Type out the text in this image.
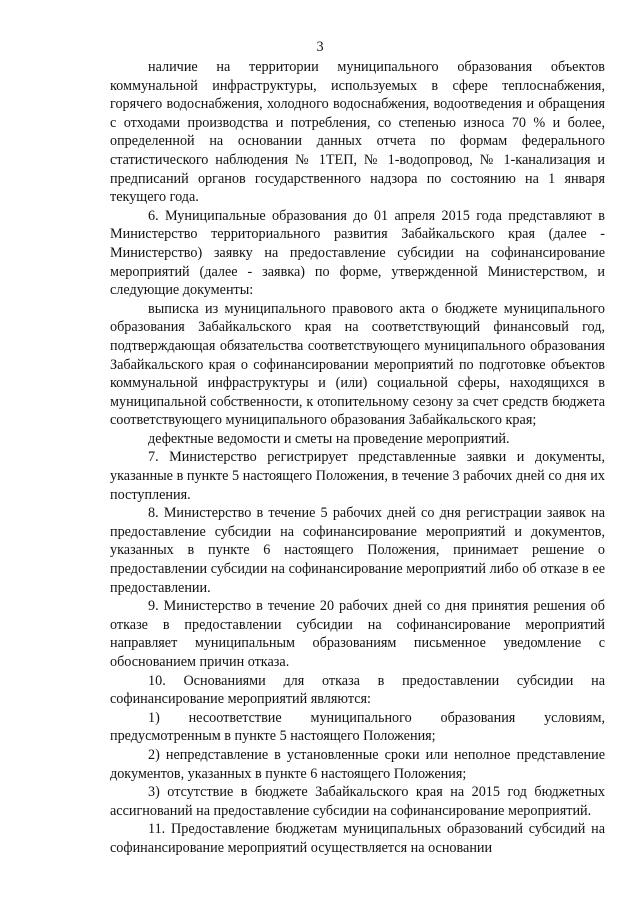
3

наличие на территории муниципального образования объектов коммунальной инфраструктуры, используемых в сфере теплоснабжения, горячего водоснабжения, холодного водоснабжения, водоотведения и обращения с отходами производства и потребления, со степенью износа 70 % и более, определенной на основании данных отчета по формам федерального статистического наблюдения № 1ТЕП, № 1-водопровод, № 1-канализация и предписаний органов государственного надзора по состоянию на 1 января текущего года.

6. Муниципальные образования до 01 апреля 2015 года представляют в Министерство территориального развития Забайкальского края (далее - Министерство) заявку на предоставление субсидии на софинансирование мероприятий (далее - заявка) по форме, утвержденной Министерством, и следующие документы:

выписка из муниципального правового акта о бюджете муниципального образования Забайкальского края на соответствующий финансовый год, подтверждающая обязательства соответствующего муниципального образования Забайкальского края о софинансировании мероприятий по подготовке объектов коммунальной инфраструктуры и (или) социальной сферы, находящихся в муниципальной собственности, к отопительному сезону за счет средств бюджета соответствующего муниципального образования Забайкальского края;

дефектные ведомости и сметы на проведение мероприятий.

7. Министерство регистрирует представленные заявки и документы, указанные в пункте 5 настоящего Положения, в течение 3 рабочих дней со дня их поступления.

8. Министерство в течение 5 рабочих дней со дня регистрации заявок на предоставление субсидии на софинансирование мероприятий и документов, указанных в пункте 6 настоящего Положения, принимает решение о предоставлении субсидии на софинансирование мероприятий либо об отказе в ее предоставлении.

9. Министерство в течение 20 рабочих дней со дня принятия решения об отказе в предоставлении субсидии на софинансирование мероприятий направляет муниципальным образованиям письменное уведомление с обоснованием причин отказа.

10. Основаниями для отказа в предоставлении субсидии на софинансирование мероприятий являются:

1) несоответствие муниципального образования условиям, предусмотренным в пункте 5 настоящего Положения;

2) непредставление в установленные сроки или неполное представление документов, указанных в пункте 6 настоящего Положения;

3) отсутствие в бюджете Забайкальского края на 2015 год бюджетных ассигнований на предоставление субсидии на софинансирование мероприятий.

11. Предоставление бюджетам муниципальных образований субсидий на софинансирование мероприятий осуществляется на основании
